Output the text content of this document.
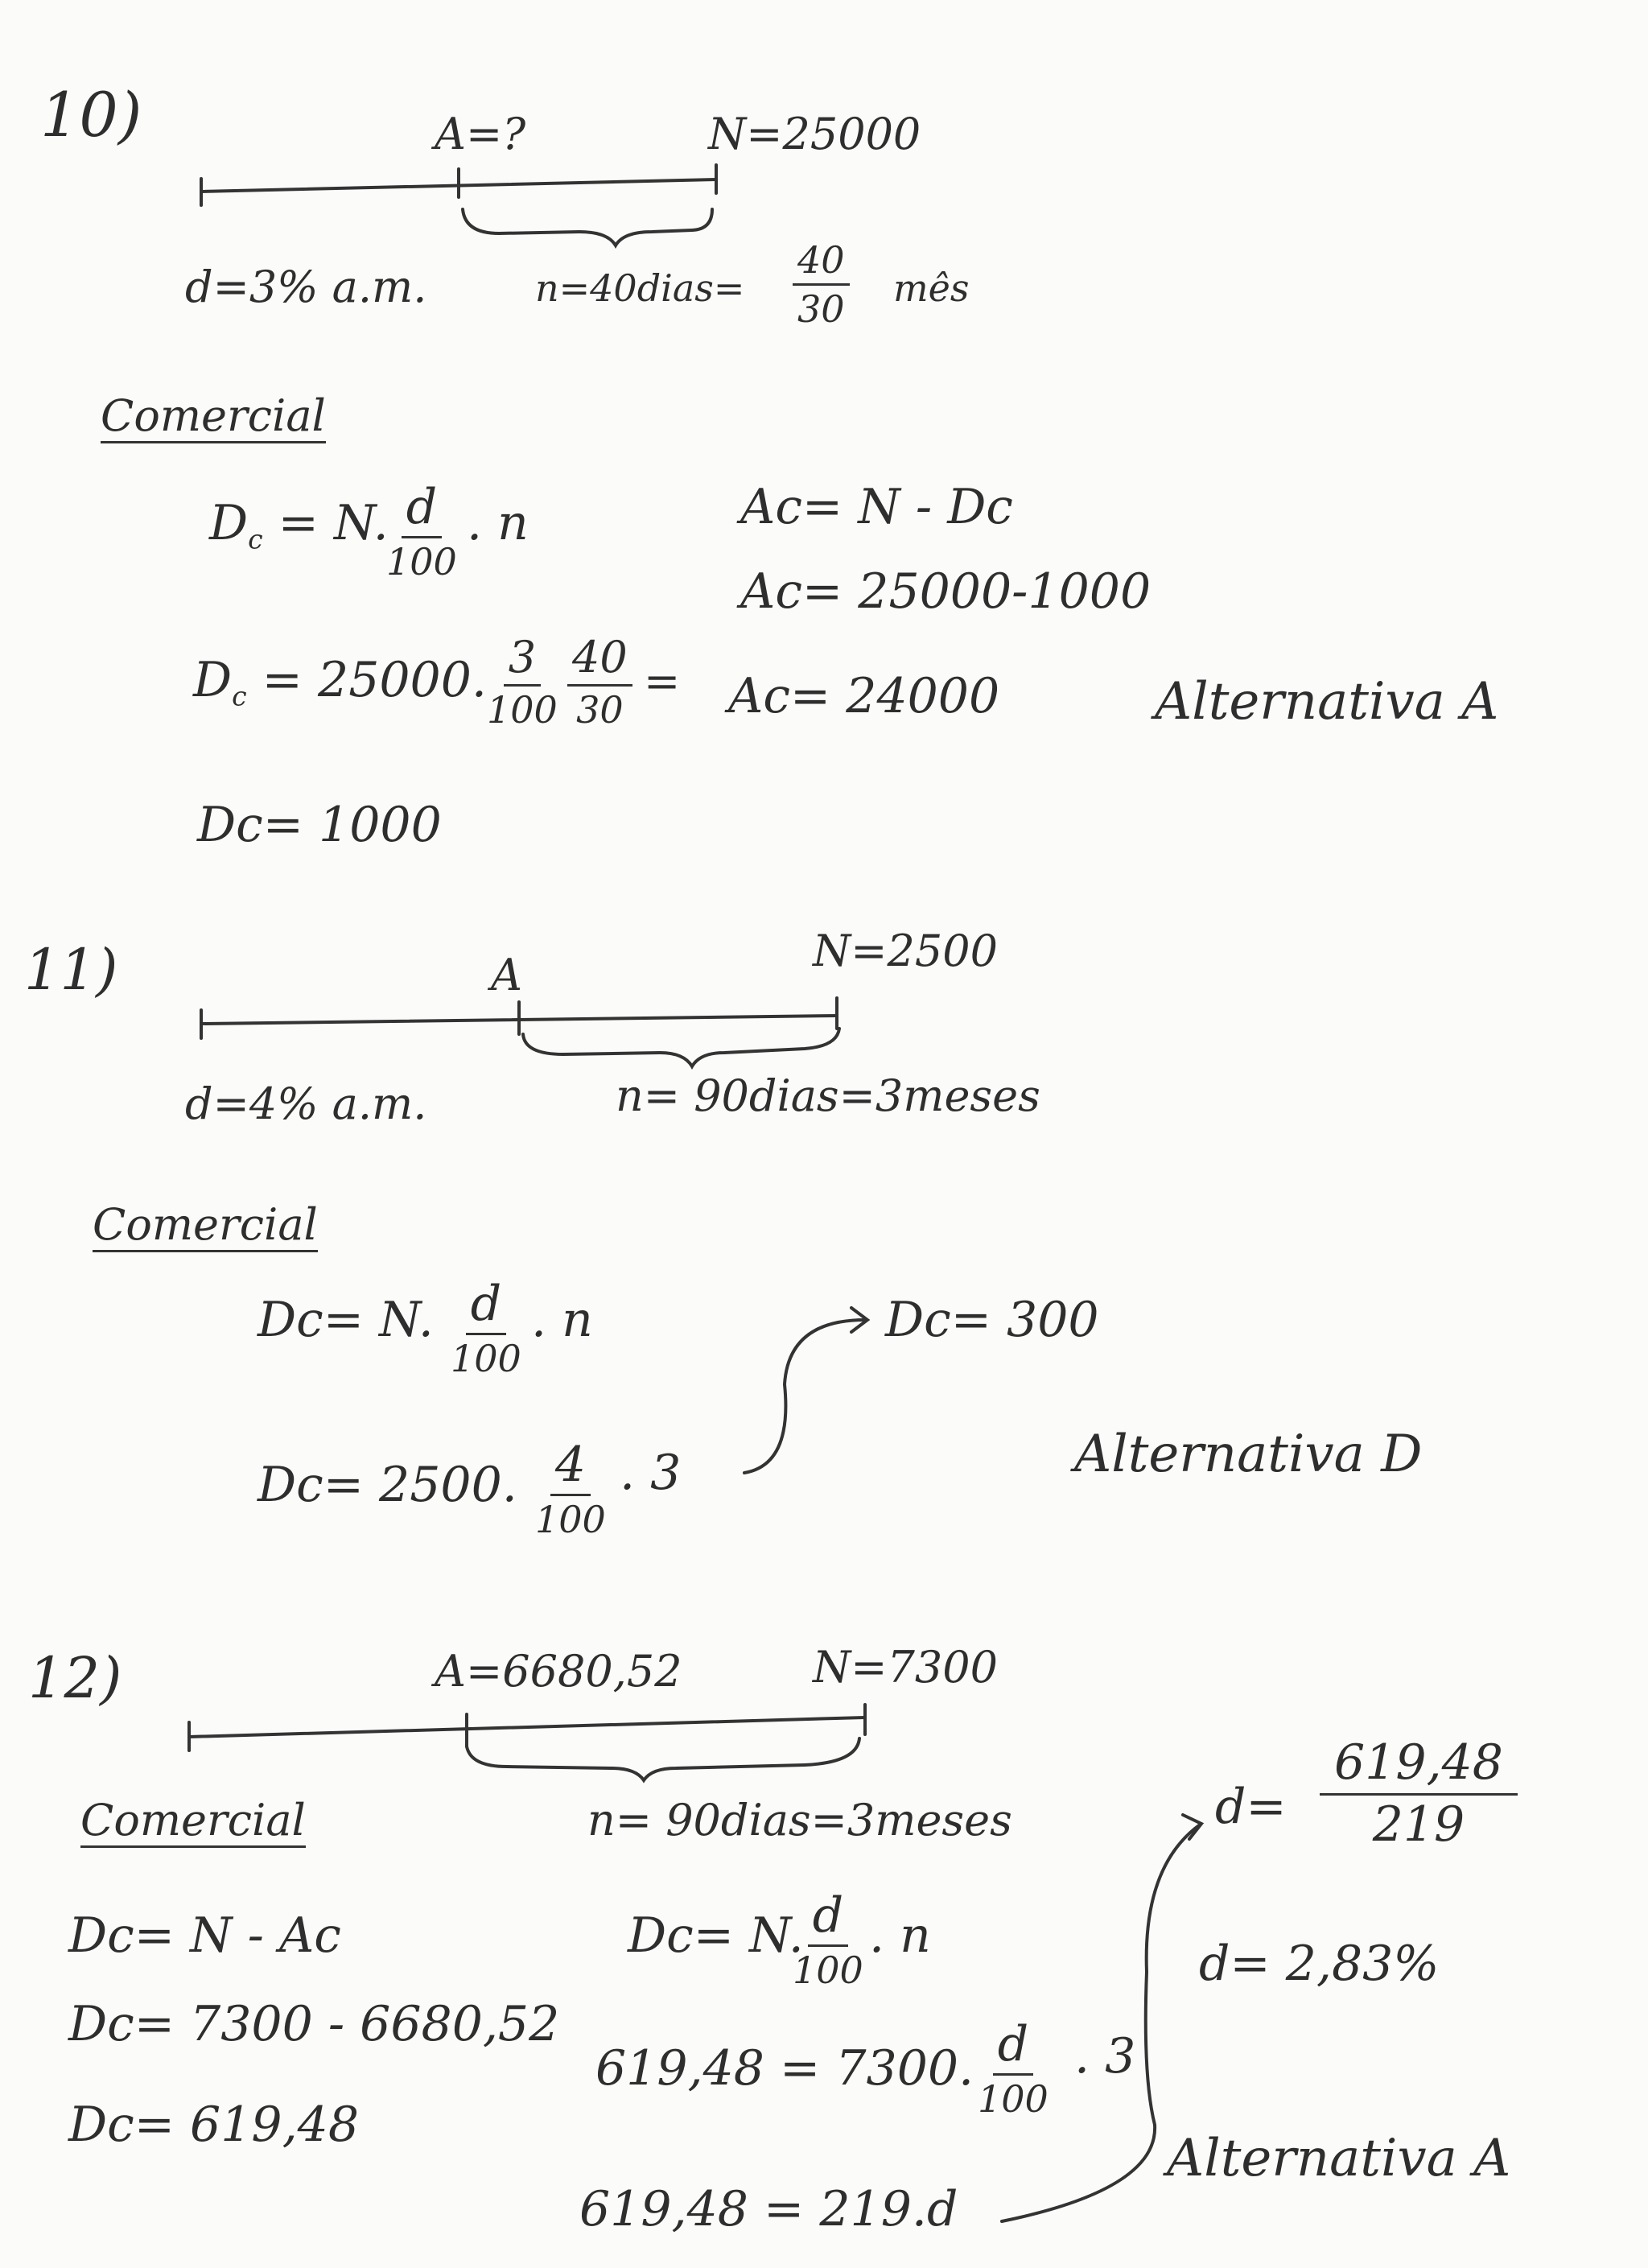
10)	A=?	N=25000
d=3% a.m.	n=40dias= $\frac{40}{30}$ mês
Comercial
$D_c = N$. d
100
. n
$D_c = 25000$. $\frac{3}{100} \frac{40}{30}$ =
Dc= 1000
Ac= N - Dc
Ac= 25000-1000
Ac= 24000	Alternativa A
11)	A	N=2500
d=4% a.m.	n= 90dias=3meses
Comercial
Dc= N. d
100
. n
Dc= 2500. 4
100
. 3
Dc= 300
Alternativa D
12)	A=6680,52	N=7300
n= 90dias=3meses
Comercial
Dc= N - Ac
Dc= 7300 - 6680,52
Dc= 619,48
Dc= N. d
100
. n
619,48 = 7300. d
100
. 3
619,48 = 219.d
$d= \frac{619,48}{219}$
d= 2,83%
Alternativa A
